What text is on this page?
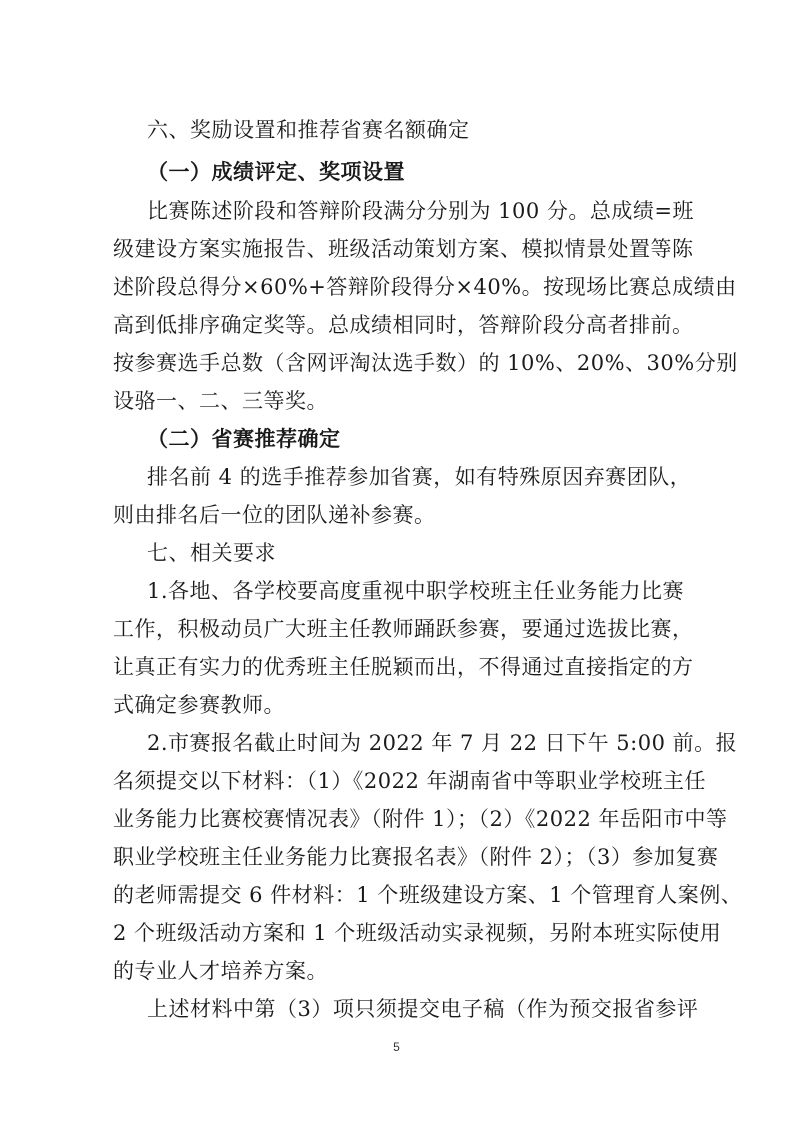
六、奖励设置和推荐省赛名额确定
（一）成绩评定、奖项设置
比赛陈述阶段和答辩阶段满分分别为 100 分。总成绩=班
级建设方案实施报告、班级活动策划方案、模拟情景处置等陈
述阶段总得分×60%+答辩阶段得分×40%。按现场比赛总成绩由
高到低排序确定奖等。总成绩相同时，答辩阶段分高者排前。
按参赛选手总数（含网评淘汰选手数）的 10%、20%、30%分别
设骆一、二、三等奖。
（二）省赛推荐确定
排名前 4 的选手推荐参加省赛，如有特殊原因弃赛团队，
则由排名后一位的团队递补参赛。
七、相关要求
1.各地、各学校要高度重视中职学校班主任业务能力比赛
工作，积极动员广大班主任教师踊跃参赛，要通过选拔比赛，
让真正有实力的优秀班主任脱颖而出，不得通过直接指定的方
式确定参赛教师。
2.市赛报名截止时间为 2022 年 7 月 22 日下午 5:00 前。报
名须提交以下材料：（1）《2022 年湖南省中等职业学校班主任
业务能力比赛校赛情况表》（附件 1）；（2）《2022 年岳阳市中等
职业学校班主任业务能力比赛报名表》（附件 2）；（3）参加复赛
的老师需提交 6 件材料：1 个班级建设方案、1 个管理育人案例、
2 个班级活动方案和 1 个班级活动实录视频，另附本班实际使用
的专业人才培养方案。
上述材料中第（3）项只须提交电子稿（作为预交报省参评
5
